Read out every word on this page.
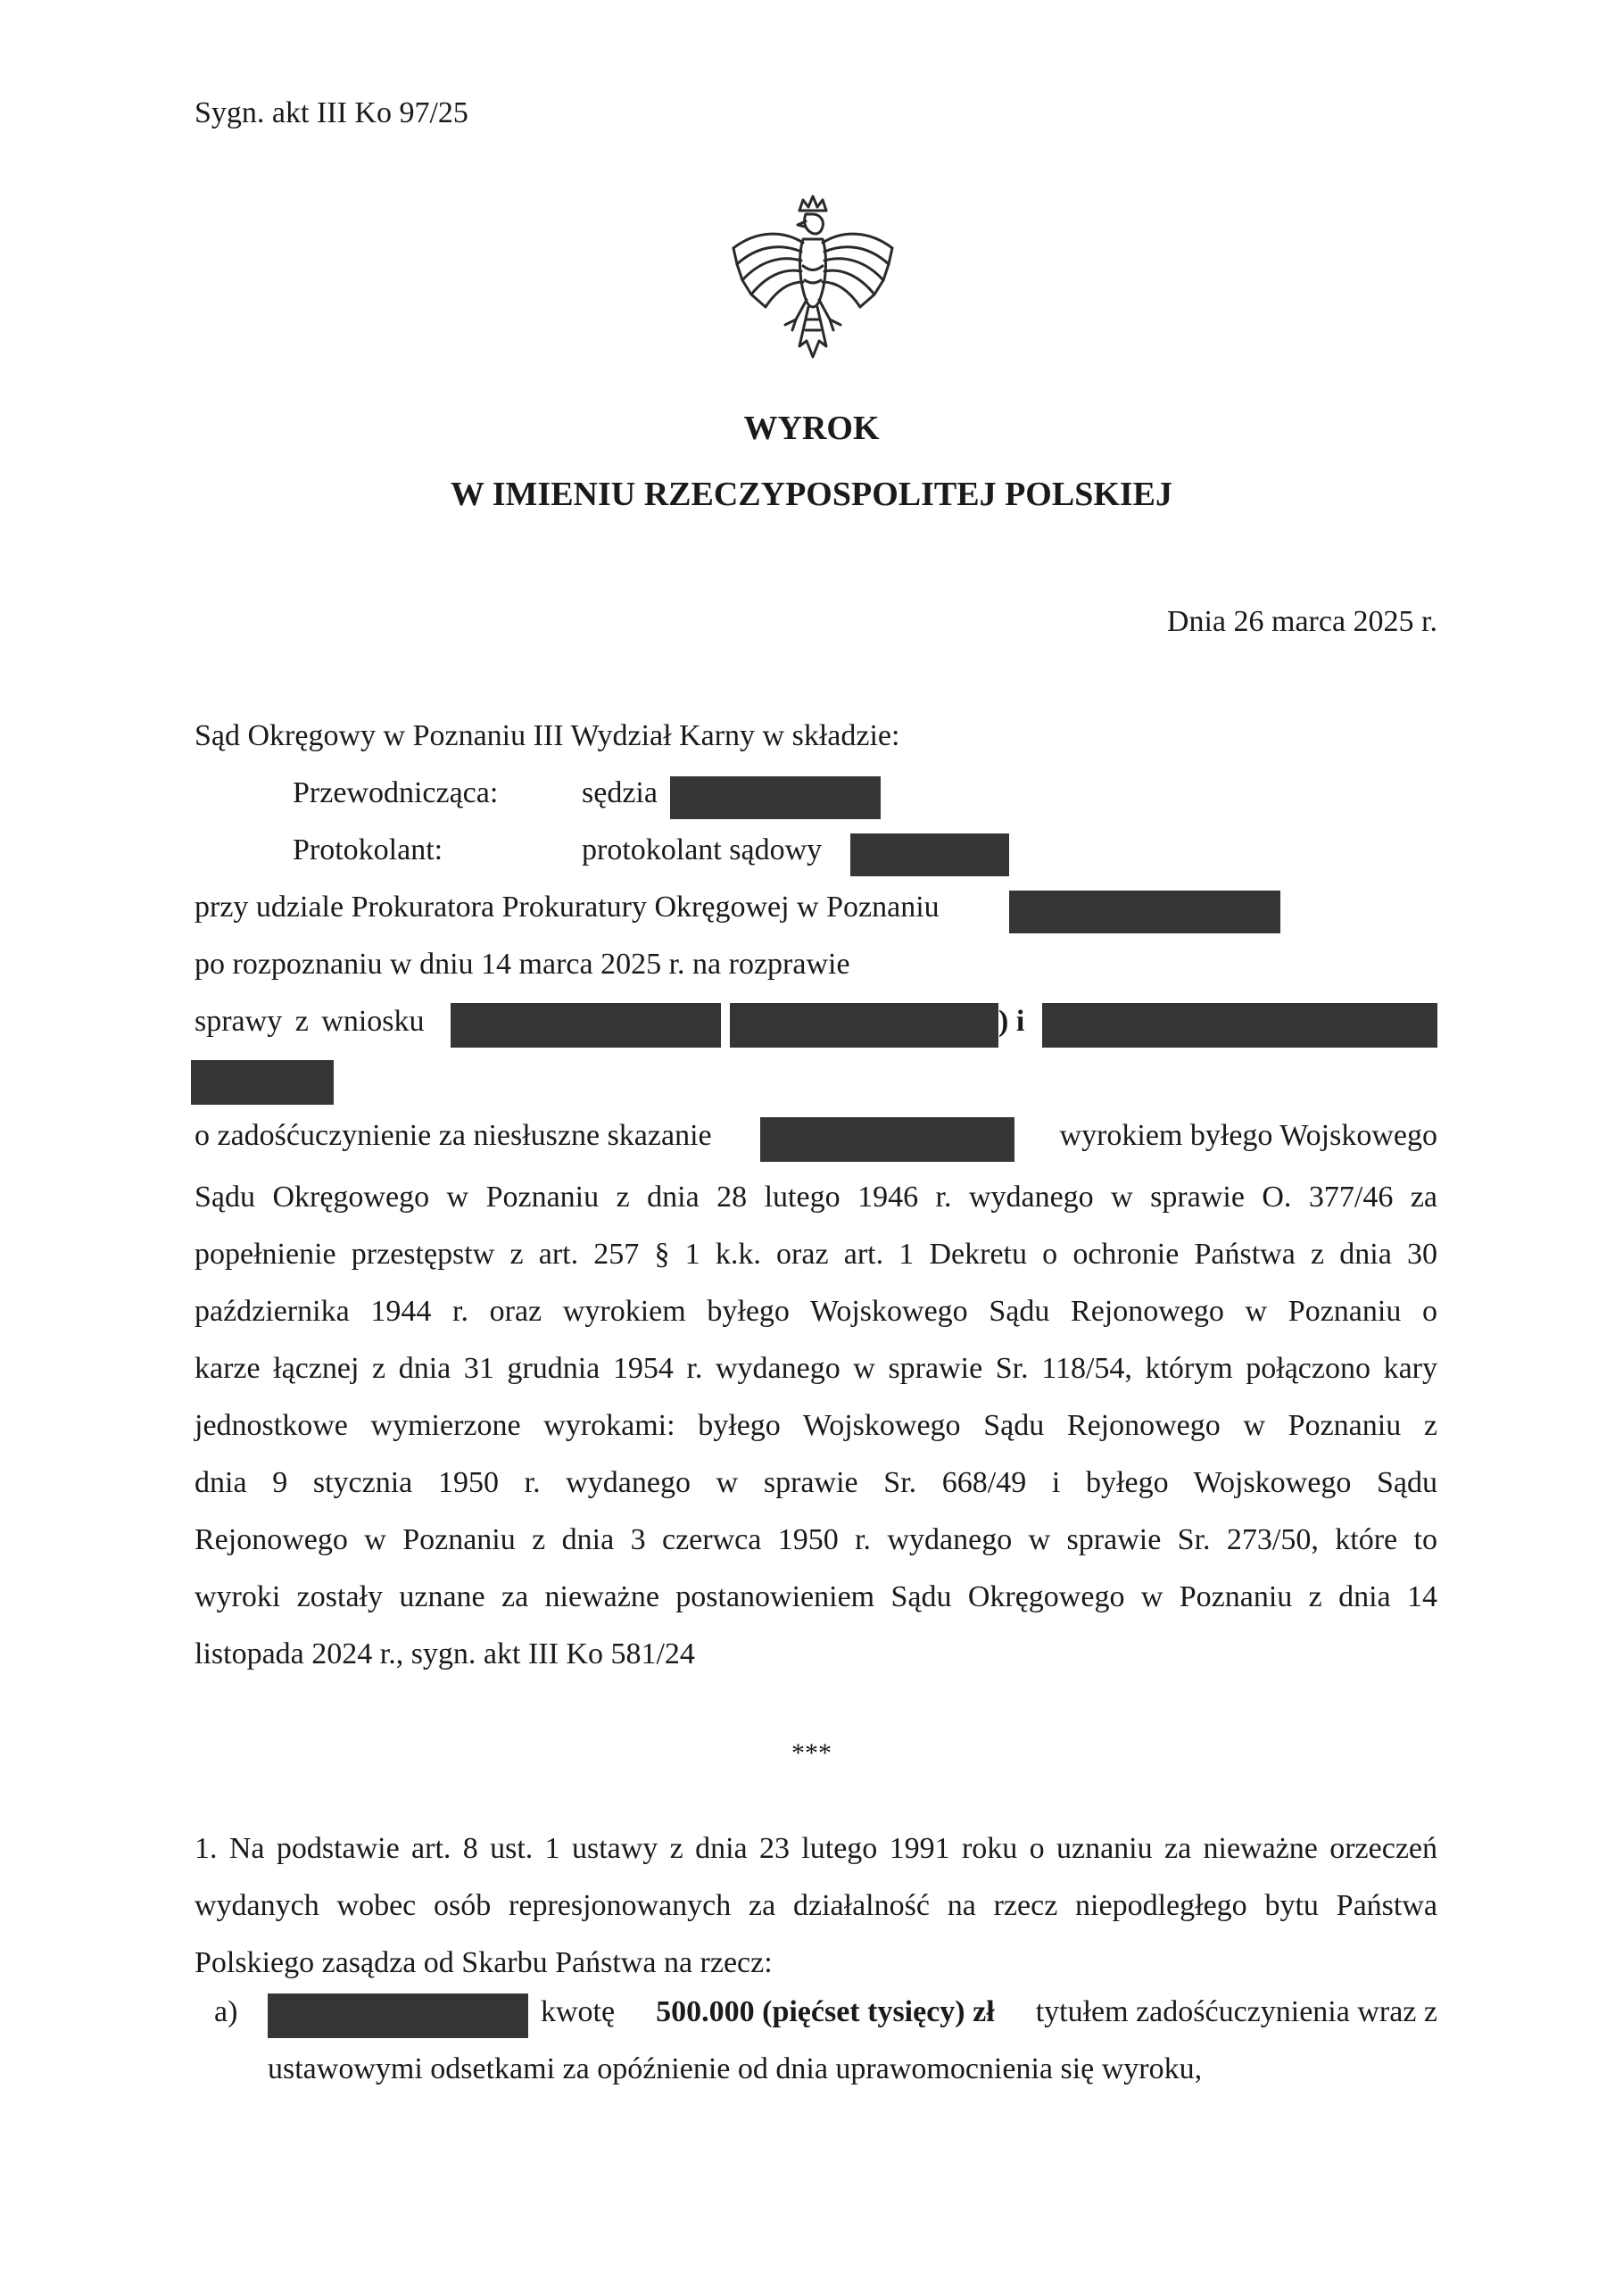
Sygn. akt III Ko 97/25
WYROK
W IMIENIU RZECZYPOSPOLITEJ POLSKIEJ
Dnia 26 marca 2025 r.
Sąd Okręgowy w Poznaniu III Wydział Karny w składzie:
Przewodnicząca:	sędzia
Protokolant:	protokolant sądowy
przy udziale Prokuratora Prokuratury Okręgowej w Poznaniu
po rozpoznaniu w dniu 14 marca 2025 r. na rozprawie
sprawy z wniosku	) i
o zadośćuczynienie za niesłuszne skazanie	wyrokiem byłego Wojskowego
Sądu Okręgowego w Poznaniu z dnia 28 lutego 1946 r. wydanego w sprawie O. 377/46 za
popełnienie przestępstw z art. 257 § 1 k.k. oraz art. 1 Dekretu o ochronie Państwa z dnia 30
października 1944 r. oraz wyrokiem byłego Wojskowego Sądu Rejonowego w Poznaniu o
karze łącznej z dnia 31 grudnia 1954 r. wydanego w sprawie Sr. 118/54, którym połączono kary
jednostkowe wymierzone wyrokami: byłego Wojskowego Sądu Rejonowego w Poznaniu z
dnia 9 stycznia 1950 r. wydanego w sprawie Sr. 668/49 i byłego Wojskowego Sądu
Rejonowego w Poznaniu z dnia 3 czerwca 1950 r. wydanego w sprawie Sr. 273/50, które to
wyroki zostały uznane za nieważne postanowieniem Sądu Okręgowego w Poznaniu z dnia 14
listopada 2024 r., sygn. akt III Ko 581/24
***
1. Na podstawie art. 8 ust. 1 ustawy z dnia 23 lutego 1991 roku o uznaniu za nieważne orzeczeń
wydanych wobec osób represjonowanych za działalność na rzecz niepodległego bytu Państwa
Polskiego zasądza od Skarbu Państwa na rzecz:
a)	kwotę 500.000 (pięćset tysięcy) zł tytułem zadośćuczynienia wraz z
ustawowymi odsetkami za opóźnienie od dnia uprawomocnienia się wyroku,
